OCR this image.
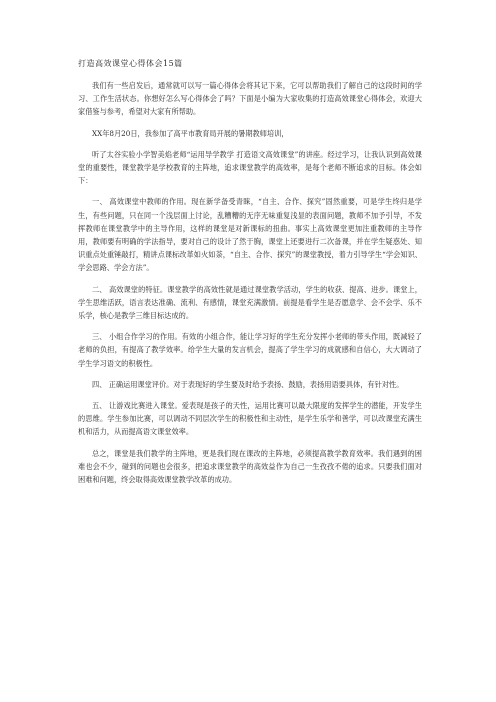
打造高效课堂心得体会15篇

我们有一些启发后，通常就可以写一篇心得体会将其记下来，它可以帮助我们了解自己的这段时间的学习、工作生活状态。你想好怎么写心得体会了吗？下面是小编为大家收集的打造高效课堂心得体会，欢迎大家借鉴与参考，希望对大家有所帮助。

XX年8月20日，我参加了高平市教育局开展的暑期教师培训，

听了太谷实验小学智美焰老师“运用导学教学 打造语文高效课堂”的讲座。经过学习，让我认识到高效课堂的重要性，课堂教学是学校教育的主阵地，追求课堂教学的高效率，是每个老师不断追求的目标。体会如下：

一、 高效课堂中教师的作用。现在新学备受青睐，“自主、合作、探究”固然重要，可是学生终归是学生，有些问题，只在同一个浅层面上讨论，乱糟糟的无序无味重复浅显的表面问题，教师不加予引导，不发挥教师在课堂教学中的主导作用，这样的课堂是对新课标的扭曲。事实上高效课堂更加注重教师的主导作用，教师要有明确的学法指导，要对自己的设计了然于胸，课堂上还要进行二次备课，并在学生疑惑处、知识重点处重锤敲打，精讲点课标改革如火如荼，“自主、合作、探究”的课堂教授，着力引导学生“学会知识、学会思路、学会方法”。

二、 高效课堂的特征。课堂教学的高效性就是通过课堂教学活动，学生的收获、提高、进步。课堂上，学生思维活跃，语言表达准确、流利、有感情，课堂充满激情。前提是看学生是否愿意学、会不会学、乐不乐学，核心是教学三维目标达成的。

三、 小组合作学习的作用。有效的小组合作，能让学习好的学生充分发挥小老师的带头作用，既减轻了老师的负担，有提高了教学效率。给学生大量的发言机会，提高了学生学习的成就感和自信心，大大调动了学生学习语文的积极性。

四、 正确运用课堂评价。对于表现好的学生要及时给予表扬、鼓励，表扬用语要具体，有针对性。

五、 让游戏比赛进入课堂。爱表现是孩子的天性，运用比赛可以最大限度的发挥学生的潜能，开发学生的思维。学生参加比赛，可以调动不同层次学生的积极性和主动性，是学生乐学和善学，可以改课堂充满生机和活力，从而提高语文课堂效率。

总之，课堂是我们教学的主阵地，更是我们现在课改的主阵地，必须提高教学教育效率。我们遇到的困难也会不少，碰到的问题也会很多，把追求课堂教学的高效益作为自己一生孜孜不倦的追求。只要我们面对困难和问题，终会取得高效课堂教学改革的成功。
